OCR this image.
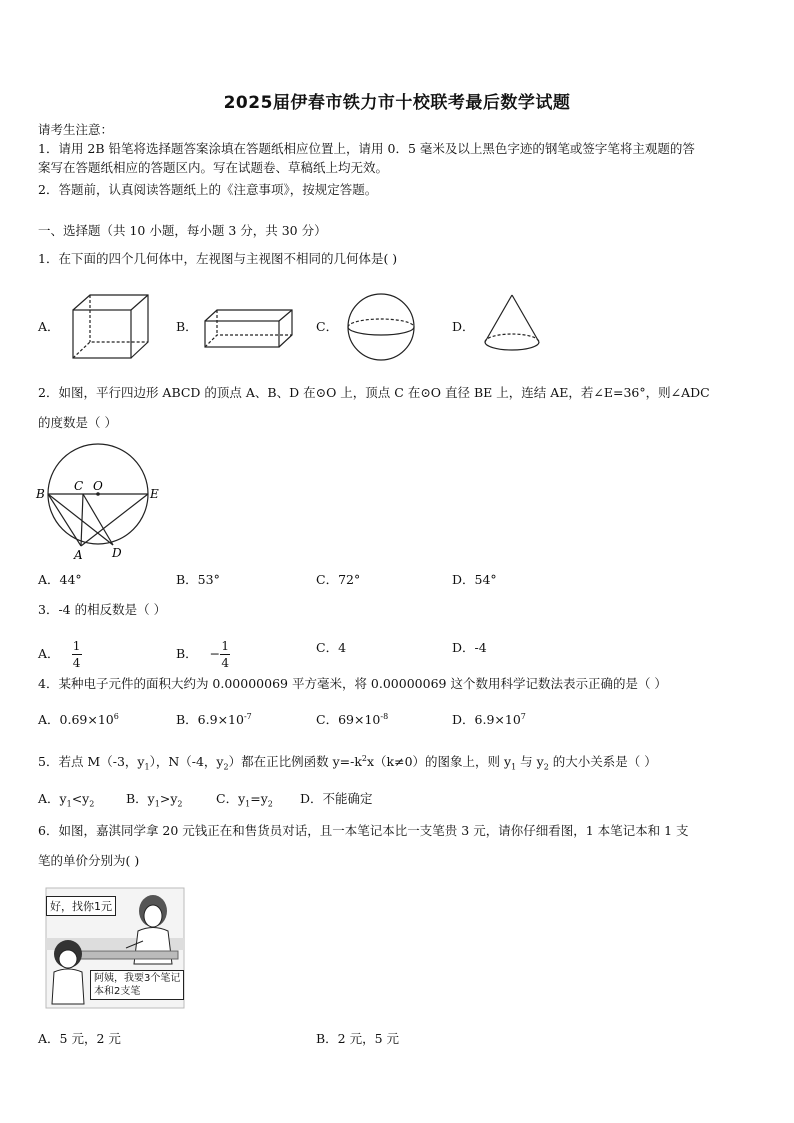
2025届伊春市铁力市十校联考最后数学试题
请考生注意：
1．请用 2B 铅笔将选择题答案涂填在答题纸相应位置上，请用 0．5 毫米及以上黑色字迹的钢笔或签字笔将主观题的答
案写在答题纸相应的答题区内。写在试题卷、草稿纸上均无效。
2．答题前，认真阅读答题纸上的《注意事项》，按规定答题。
一、选择题（共 10 小题，每小题 3 分，共 30 分）
1．在下面的四个几何体中，左视图与主视图不相同的几何体是( )
A．	B．	C．	D．
2．如图，平行四边形 ABCD 的顶点 A、B、D 在⊙O 上，顶点 C 在⊙O 直径 BE 上，连结 AE，若∠E=36°，则∠ADC
的度数是（ ）
B
C O
E
A D
A．44°	B．53°	C．72°	D．54°
3．-4 的相反数是（ ）
A． $\frac{1}{4}$	B． − $\frac{1}{4}$	C．4	D．-4
4．某种电子元件的面积大约为 0.00000069 平方毫米，将 0.00000069 这个数用科学记数法表示正确的是（ ）
A．$0.69\times 10^6$	B．$6.9\times 10^{-7}$	C．$69\times 10^{-8}$	D．$6.9\times 10^7$
5．若点 M（-3，$y_1$），N（-4，$y_2$）都在正比例函数 $y=-k^2x(k\ne 0)$的图象上，则 $y_1$ 与 $y_2$ 的大小关系是（ ）
A．$y_1<y_2$	B．$y_1>y_2$	C．$y_1=y_2$ D．不能确定
6．如图，嘉淇同学拿 20 元钱正在和售货员对话，且一本笔记本比一支笔贵 3 元，请你仔细看图，1 本笔记本和 1 支
笔的单价分别为( )
好，找你1元
阿姨，我要3个笔记
本和2支笔
A．5 元，2 元	B．2 元，5 元
